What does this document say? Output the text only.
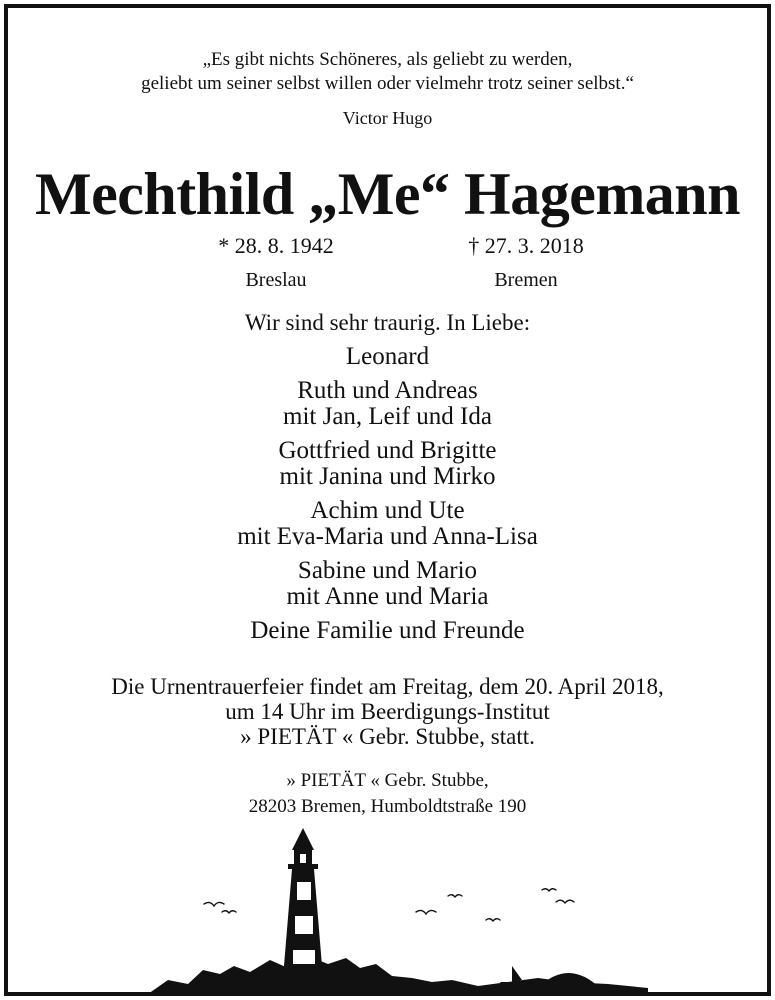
„Es gibt nichts Schöneres, als geliebt zu werden,
geliebt um seiner selbst willen oder vielmehr trotz seiner selbst.“
Victor Hugo
Mechthild „Me“ Hagemann
* 28. 8. 1942
Breslau
† 27. 3. 2018
Bremen
Wir sind sehr traurig. In Liebe:
Leonard
Ruth und Andreas
mit Jan, Leif und Ida
Gottfried und Brigitte
mit Janina und Mirko
Achim und Ute
mit Eva-Maria und Anna-Lisa
Sabine und Mario
mit Anne und Maria
Deine Familie und Freunde
Die Urnentrauerfeier findet am Freitag, dem 20. April 2018,
um 14 Uhr im Beerdigungs-Institut
» PIETÄT « Gebr. Stubbe, statt.
» PIETÄT « Gebr. Stubbe,
28203 Bremen, Humboldtstraße 190
